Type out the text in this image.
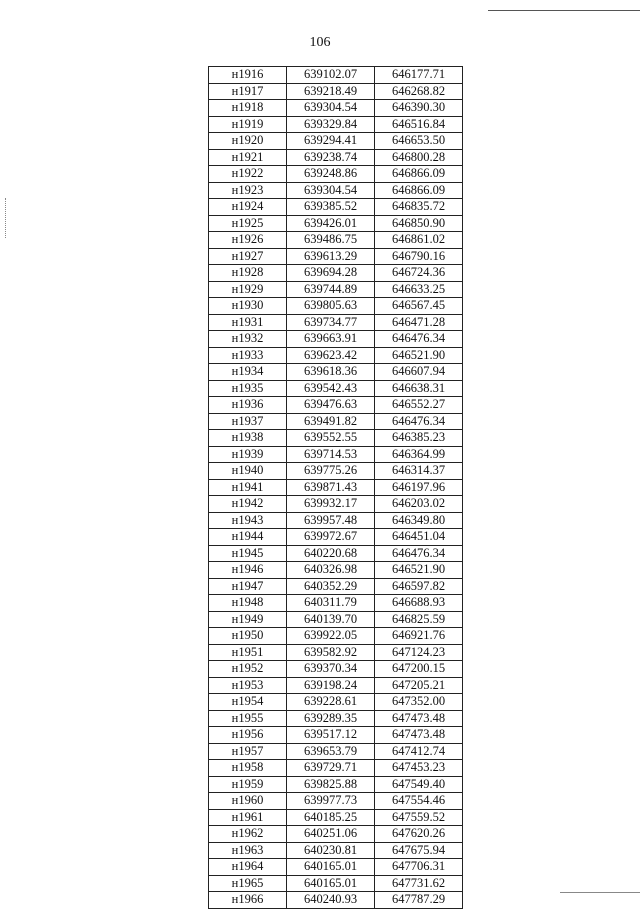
106
н1916	639102.07	646177.71
н1917	639218.49	646268.82
н1918	639304.54	646390.30
н1919	639329.84	646516.84
н1920	639294.41	646653.50
н1921	639238.74	646800.28
н1922	639248.86	646866.09
н1923	639304.54	646866.09
н1924	639385.52	646835.72
н1925	639426.01	646850.90
н1926	639486.75	646861.02
н1927	639613.29	646790.16
н1928	639694.28	646724.36
н1929	639744.89	646633.25
н1930	639805.63	646567.45
н1931	639734.77	646471.28
н1932	639663.91	646476.34
н1933	639623.42	646521.90
н1934	639618.36	646607.94
н1935	639542.43	646638.31
н1936	639476.63	646552.27
н1937	639491.82	646476.34
н1938	639552.55	646385.23
н1939	639714.53	646364.99
н1940	639775.26	646314.37
н1941	639871.43	646197.96
н1942	639932.17	646203.02
н1943	639957.48	646349.80
н1944	639972.67	646451.04
н1945	640220.68	646476.34
н1946	640326.98	646521.90
н1947	640352.29	646597.82
н1948	640311.79	646688.93
н1949	640139.70	646825.59
н1950	639922.05	646921.76
н1951	639582.92	647124.23
н1952	639370.34	647200.15
н1953	639198.24	647205.21
н1954	639228.61	647352.00
н1955	639289.35	647473.48
н1956	639517.12	647473.48
н1957	639653.79	647412.74
н1958	639729.71	647453.23
н1959	639825.88	647549.40
н1960	639977.73	647554.46
н1961	640185.25	647559.52
н1962	640251.06	647620.26
н1963	640230.81	647675.94
н1964	640165.01	647706.31
н1965	640165.01	647731.62
н1966	640240.93	647787.29
